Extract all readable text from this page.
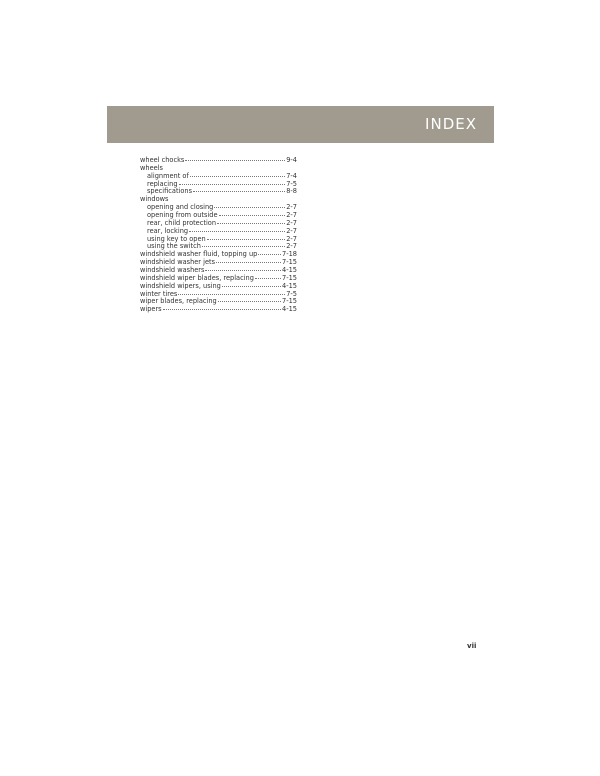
INDEX
wheel chocks	9-4
wheels
alignment of	7-4
replacing	7-5
specifications	8-8
windows
opening and closing	2-7
opening from outside	2-7
rear, child protection	2-7
rear, locking	2-7
using key to open	2-7
using the switch	2-7
windshield washer fluid, topping up	7-18
windshield washer jets	7-15
windshield washers	4-15
windshield wiper blades, replacing	7-15
windshield wipers, using	4-15
winter tires	7-5
wiper blades, replacing	7-15
wipers	4-15
vii
